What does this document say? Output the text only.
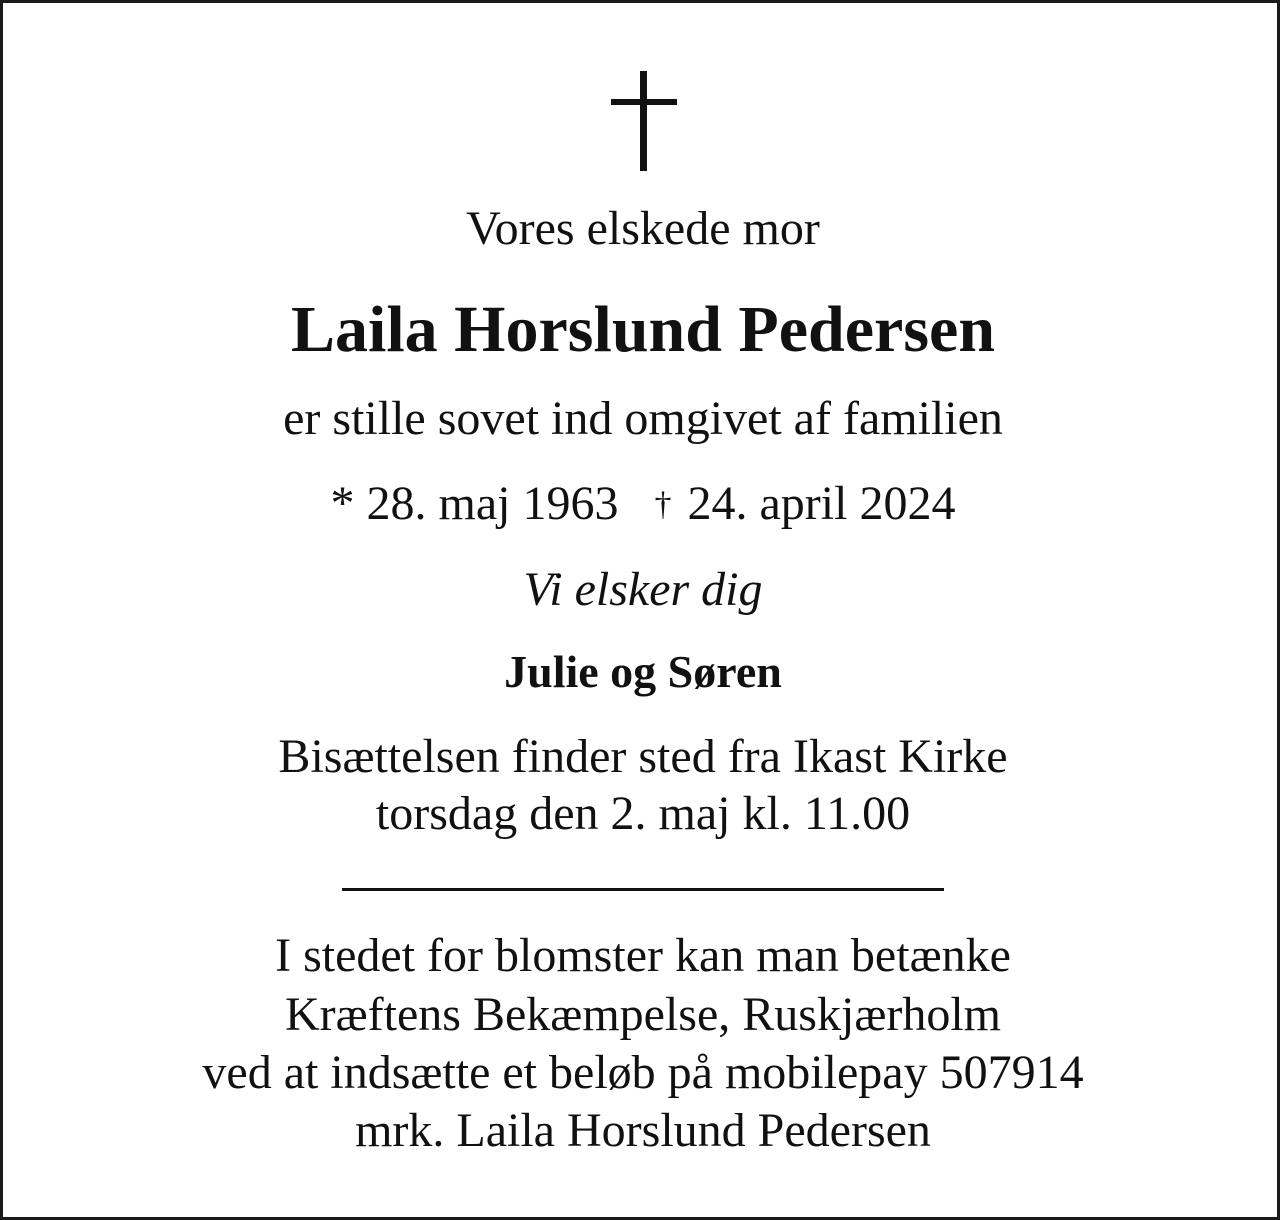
Vores elskede mor
Laila Horslund Pedersen
er stille sovet ind omgivet af familien
* 28. maj 1963 † 24. april 2024
Vi elsker dig
Julie og Søren
Bisættelsen finder sted fra Ikast Kirke
torsdag den 2. maj kl. 11.00
I stedet for blomster kan man betænke
Kræftens Bekæmpelse, Ruskjærholm
ved at indsætte et beløb på mobilepay 507914
mrk. Laila Horslund Pedersen
